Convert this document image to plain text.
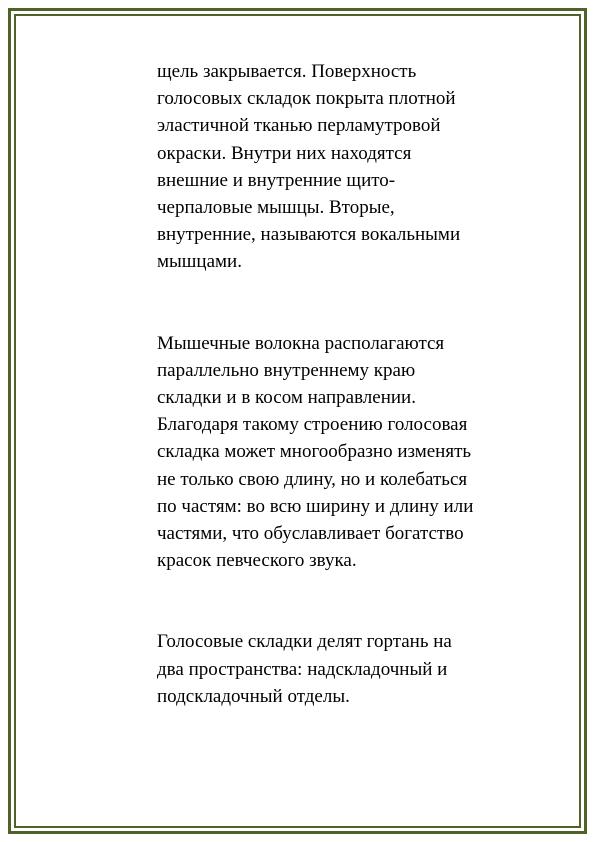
щель закрывается. Поверхность
голосовых складок покрыта плотной
эластичной тканью перламутровой
окраски. Внутри них находятся
внешние и внутренние щито-
черпаловые мышцы. Вторые,
внутренние, называются вокальными
мышцами.

Мышечные волокна располагаются
параллельно внутреннему краю
складки и в косом направлении.
Благодаря такому строению голосовая
складка может многообразно изменять
не только свою длину, но и колебаться
по частям: во всю ширину и длину или
частями, что обуславливает богатство
красок певческого звука.

Голосовые складки делят гортань на
два пространства: надскладочный и
подскладочный отделы.
